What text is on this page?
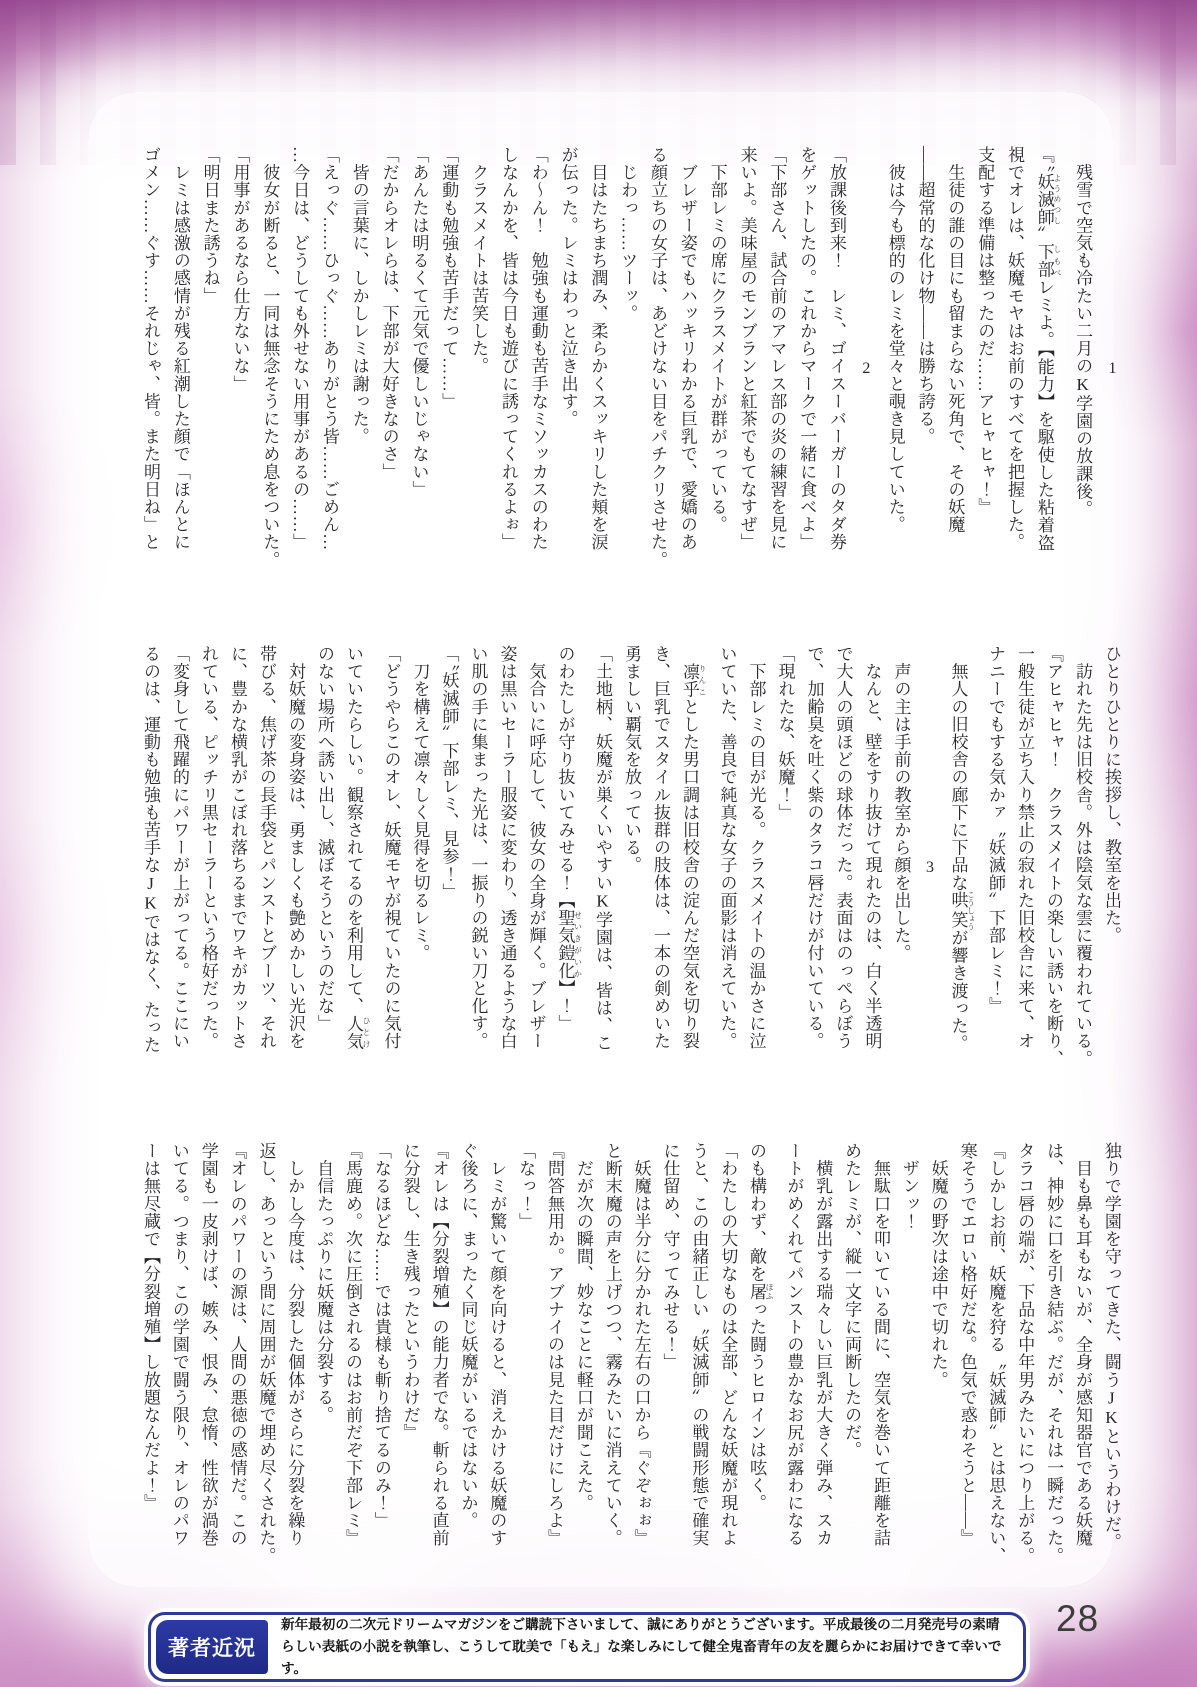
1
　残雪で空気も冷たい二月のK学園の放課後。
『〝妖滅師 ようめつし〟下部 しもべレミよ。【能力】を駆使した粘着盗
視でオレは、妖魔モヤはお前のすべてを把握した。
支配する準備は整ったのだ……アヒャヒャ！』
　生徒の誰の目にも留まらない死角で、その妖魔
――超常的な化け物――は勝ち誇る。
　彼は今も標的のレミを堂々と覗き見していた。
2
「放課後到来！　レミ、ゴイスーバーガーのタダ券
をゲットしたの。これからマークで一緒に食べよ」
「下部さん、試合前のアマレス部の炎の練習を見に
来いよ。美味屋のモンブランと紅茶でもてなすぜ」
　下部レミの席にクラスメイトが群がっている。
　ブレザー姿でもハッキリわかる巨乳で、愛嬌のあ
る顔立ちの女子は、あどけない目をパチクリさせた。
　じわっ……ツーッ。
　目はたちまち潤み、柔らかくスッキリした頬を涙
が伝った。レミはわっと泣き出す。
「わ〜ん！　勉強も運動も苦手なミソッカスのわた
しなんかを、皆は今日も遊びに誘ってくれるよぉ」
　クラスメイトは苦笑した。
「運動も勉強も苦手だって……」
「あんたは明るくて元気で優しいじゃない」
「だからオレらは、下部が大好きなのさ」
　皆の言葉に、しかしレミは謝った。
「えっぐ……ひっぐ……ありがとう皆……ごめん…
…今日は、どうしても外せない用事があるの……」
　彼女が断ると、一同は無念そうにため息をついた。
「用事があるなら仕方ないな」
「明日また誘うね」
　レミは感激の感情が残る紅潮した顔で「ほんとに
ゴメン……ぐす……それじゃ、皆。また明日ね」と
ひとりひとりに挨拶し、教室を出た。
　訪れた先は旧校舎。外は陰気な雲に覆われている。
『アヒャヒャ！　クラスメイトの楽しい誘いを断り、
一般生徒が立ち入り禁止の寂れた旧校舎に来て、オ
ナニーでもする気かァ〝妖滅師〟下部レミ！』
　無人の旧校舎の廊下に下品な哄笑 こうしょうが響き渡った。
3
　声の主は手前の教室から顔を出した。
　なんと、壁をすり抜けて現れたのは、白く半透明
で大人の頭ほどの球体だった。表面はのっぺらぼう
で、加齢臭を吐く紫のタラコ唇だけが付いている。
「現れたな、妖魔！」
　下部レミの目が光る。クラスメイトの温かさに泣
いていた、善良で純真な女子の面影は消えていた。
　凛乎 りんことした男口調は旧校舎の淀んだ空気を切り裂
き、巨乳でスタイル抜群の肢体は、一本の剣めいた
勇ましい覇気を放っている。
「土地柄、妖魔が巣くいやすいK学園は、皆は、こ
のわたしが守り抜いてみせる！【聖気鎧化 せいきがいか】！」
　気合いに呼応して、彼女の全身が輝く。ブレザー
姿は黒いセーラー服姿に変わり、透き通るような白
い肌の手に集まった光は、一振りの鋭い刀と化す。
「〝妖滅師〟下部レミ、見参！」
　刀を構えて凛々しく見得を切るレミ。
「どうやらこのオレ、妖魔モヤが視ていたのに気付
いていたらしい。観察されてるのを利用して、人気 ひとけ
のない場所へ誘い出し、滅ぼそうというのだな」
　対妖魔の変身姿は、勇ましくも艶めかしい光沢を
帯びる、焦げ茶の長手袋とパンストとブーツ、それ
に、豊かな横乳がこぼれ落ちるまでワキがカットさ
れている、ピッチリ黒セーラーという格好だった。
「変身して飛躍的にパワーが上がってる。ここにい
るのは、運動も勉強も苦手なJKではなく、たった
独りで学園を守ってきた、闘うJKというわけだ。
　目も鼻も耳もないが、全身が感知器官である妖魔
は、神妙に口を引き結ぶ。だが、それは一瞬だった。
タラコ唇の端が、下品な中年男みたいにつり上がる。
『しかしお前、妖魔を狩る〝妖滅師〟とは思えない、
寒そうでエロい格好だな。色気で惑わそうと――』
　妖魔の野次は途中で切れた。
　ザンッ！
　無駄口を叩いている間に、空気を巻いて距離を詰
めたレミが、縦一文字に両断したのだ。
　横乳が露出する瑞々しい巨乳が大きく弾み、スカ
ートがめくれてパンストの豊かなお尻が露わになる
のも構わず、敵を屠 ほふった闘うヒロインは呟く。
「わたしの大切なものは全部、どんな妖魔が現れよ
うと、この由緒正しい〝妖滅師〟の戦闘形態で確実
に仕留め、守ってみせる！」
　妖魔は半分に分かれた左右の口から『ぐぞぉぉ』
と断末魔の声を上げつつ、霧みたいに消えていく。
　だが次の瞬間、妙なことに軽口が聞こえた。
『問答無用か。アブナイのは見た目だけにしろよ』
「なっ！」
　レミが驚いて顔を向けると、消えかける妖魔のす
ぐ後ろに、まったく同じ妖魔がいるではないか。
『オレは【分裂増殖】の能力者でな。斬られる直前
に分裂し、生き残ったというわけだ』
「なるほどな……では貴様も斬り捨てるのみ！」
『馬鹿め。次に圧倒されるのはお前だぞ下部レミ』
　自信たっぷりに妖魔は分裂する。
　しかし今度は、分裂した個体がさらに分裂を繰り
返し、あっという間に周囲が妖魔で埋め尽くされた。
『オレのパワーの源は、人間の悪徳の感情だ。この
学園も一皮剥けば、嫉み、恨み、怠惰、性欲が渦巻
いてる。つまり、この学園で闘う限り、オレのパワ
ーは無尽蔵で【分裂増殖】し放題なんだよ！』
著者近況
新年最初の二次元ドリームマガジンをご購読下さいまして、誠にありがとうございます。平成最後の二月発売号の素晴らしい表紙の小説を執筆し、こうして耽美で「もえ」な楽しみにして健全鬼畜青年の友を麗らかにお届けできて幸いです。
28
